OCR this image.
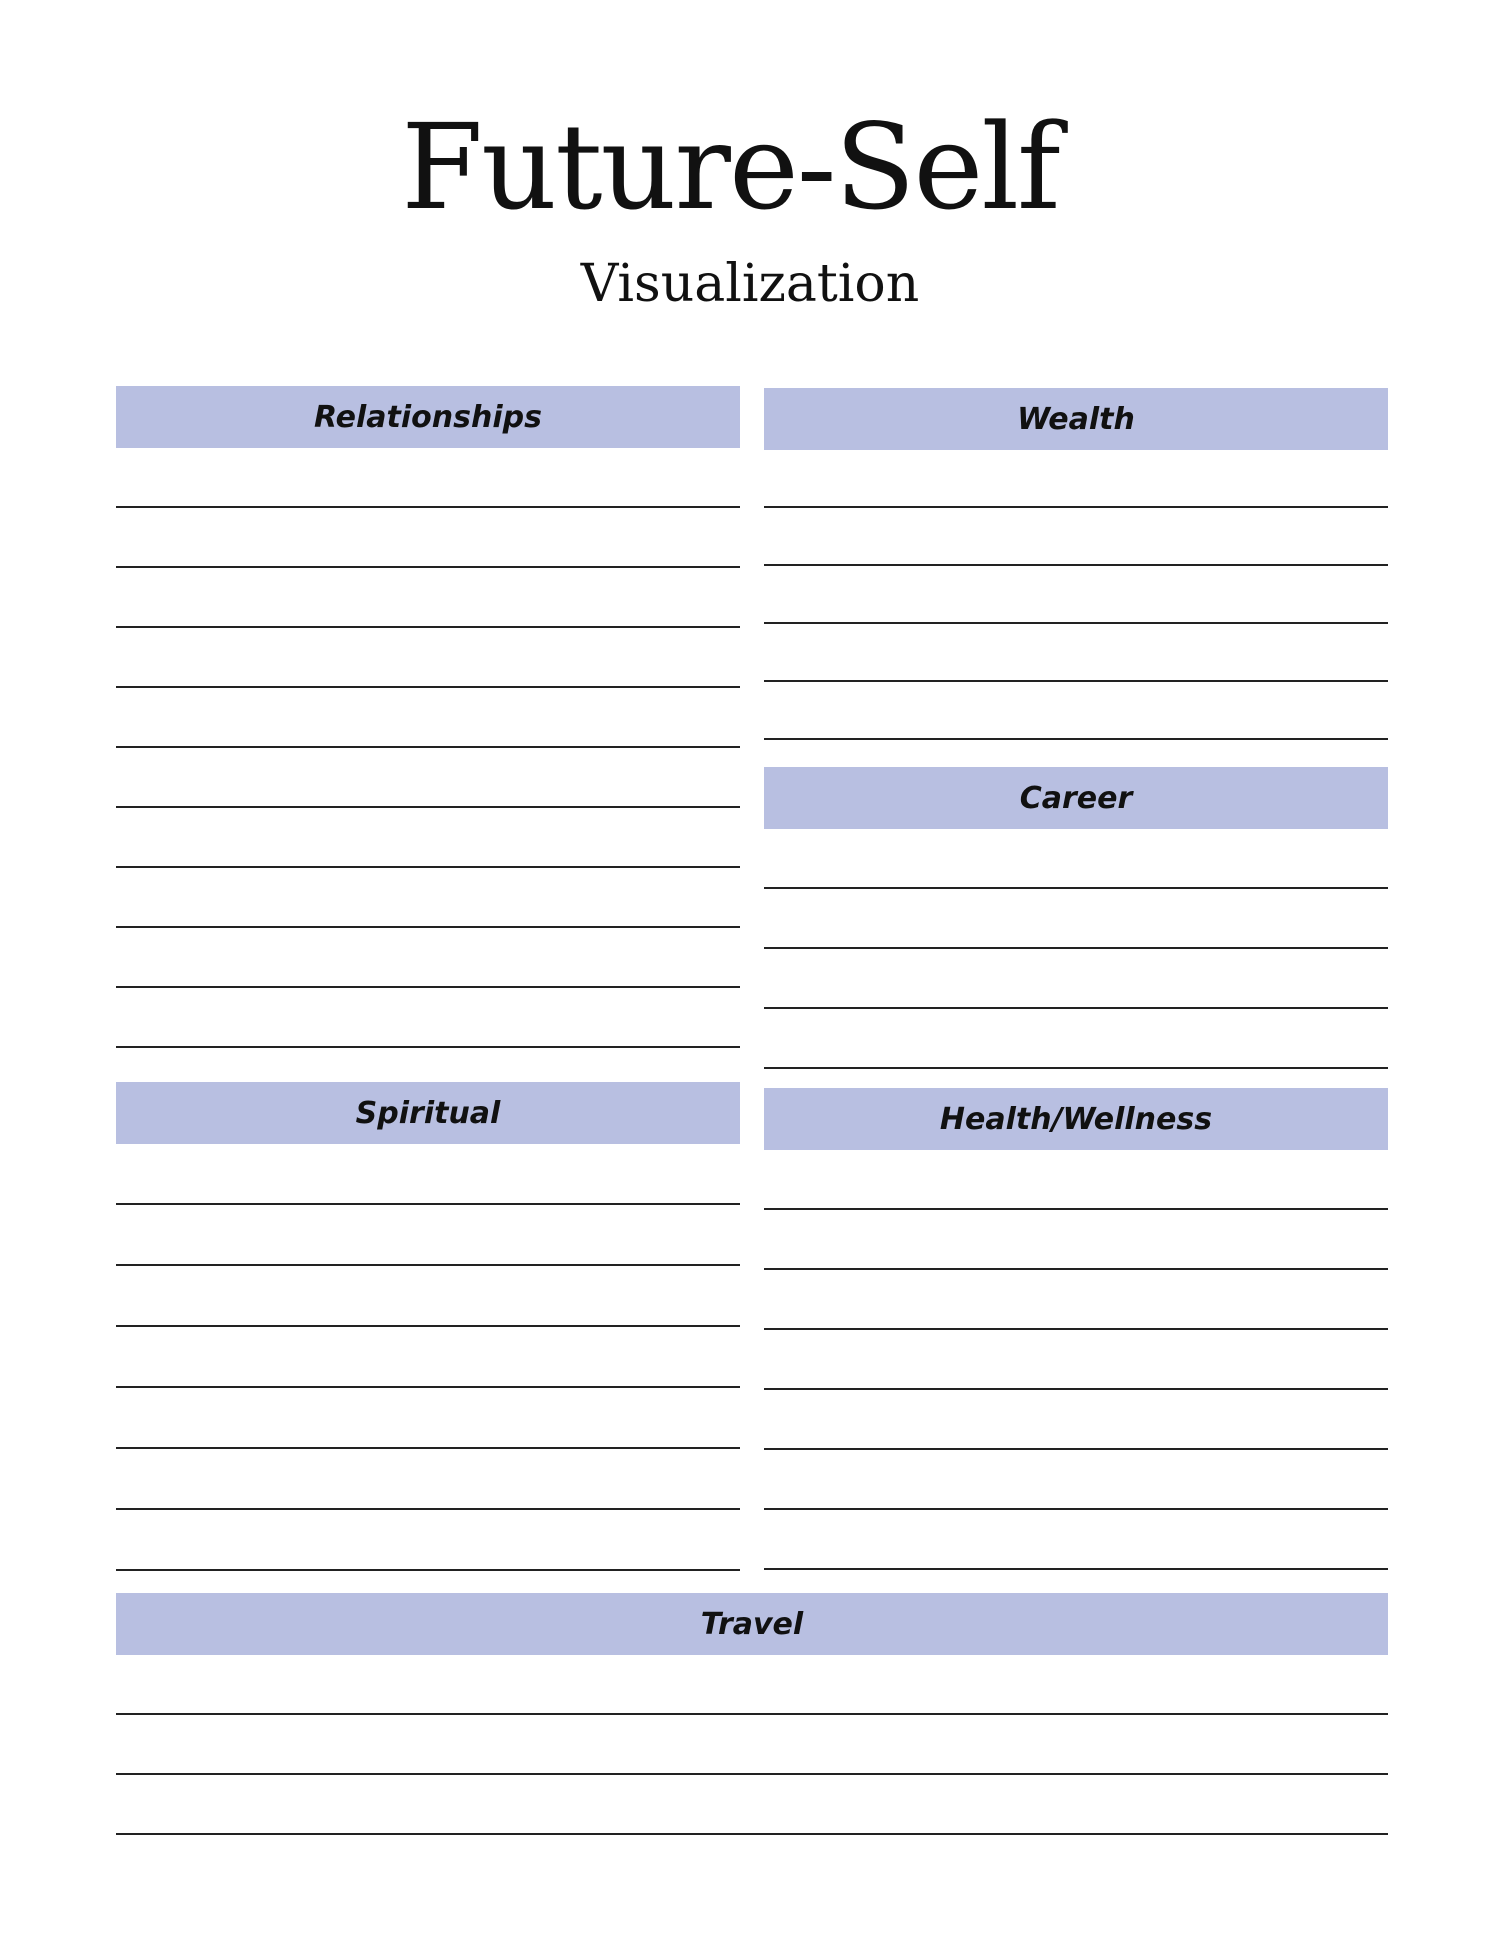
Future-Self
Visualization
Relationships	Wealth
Career
Spiritual	Health/Wellness
Travel
